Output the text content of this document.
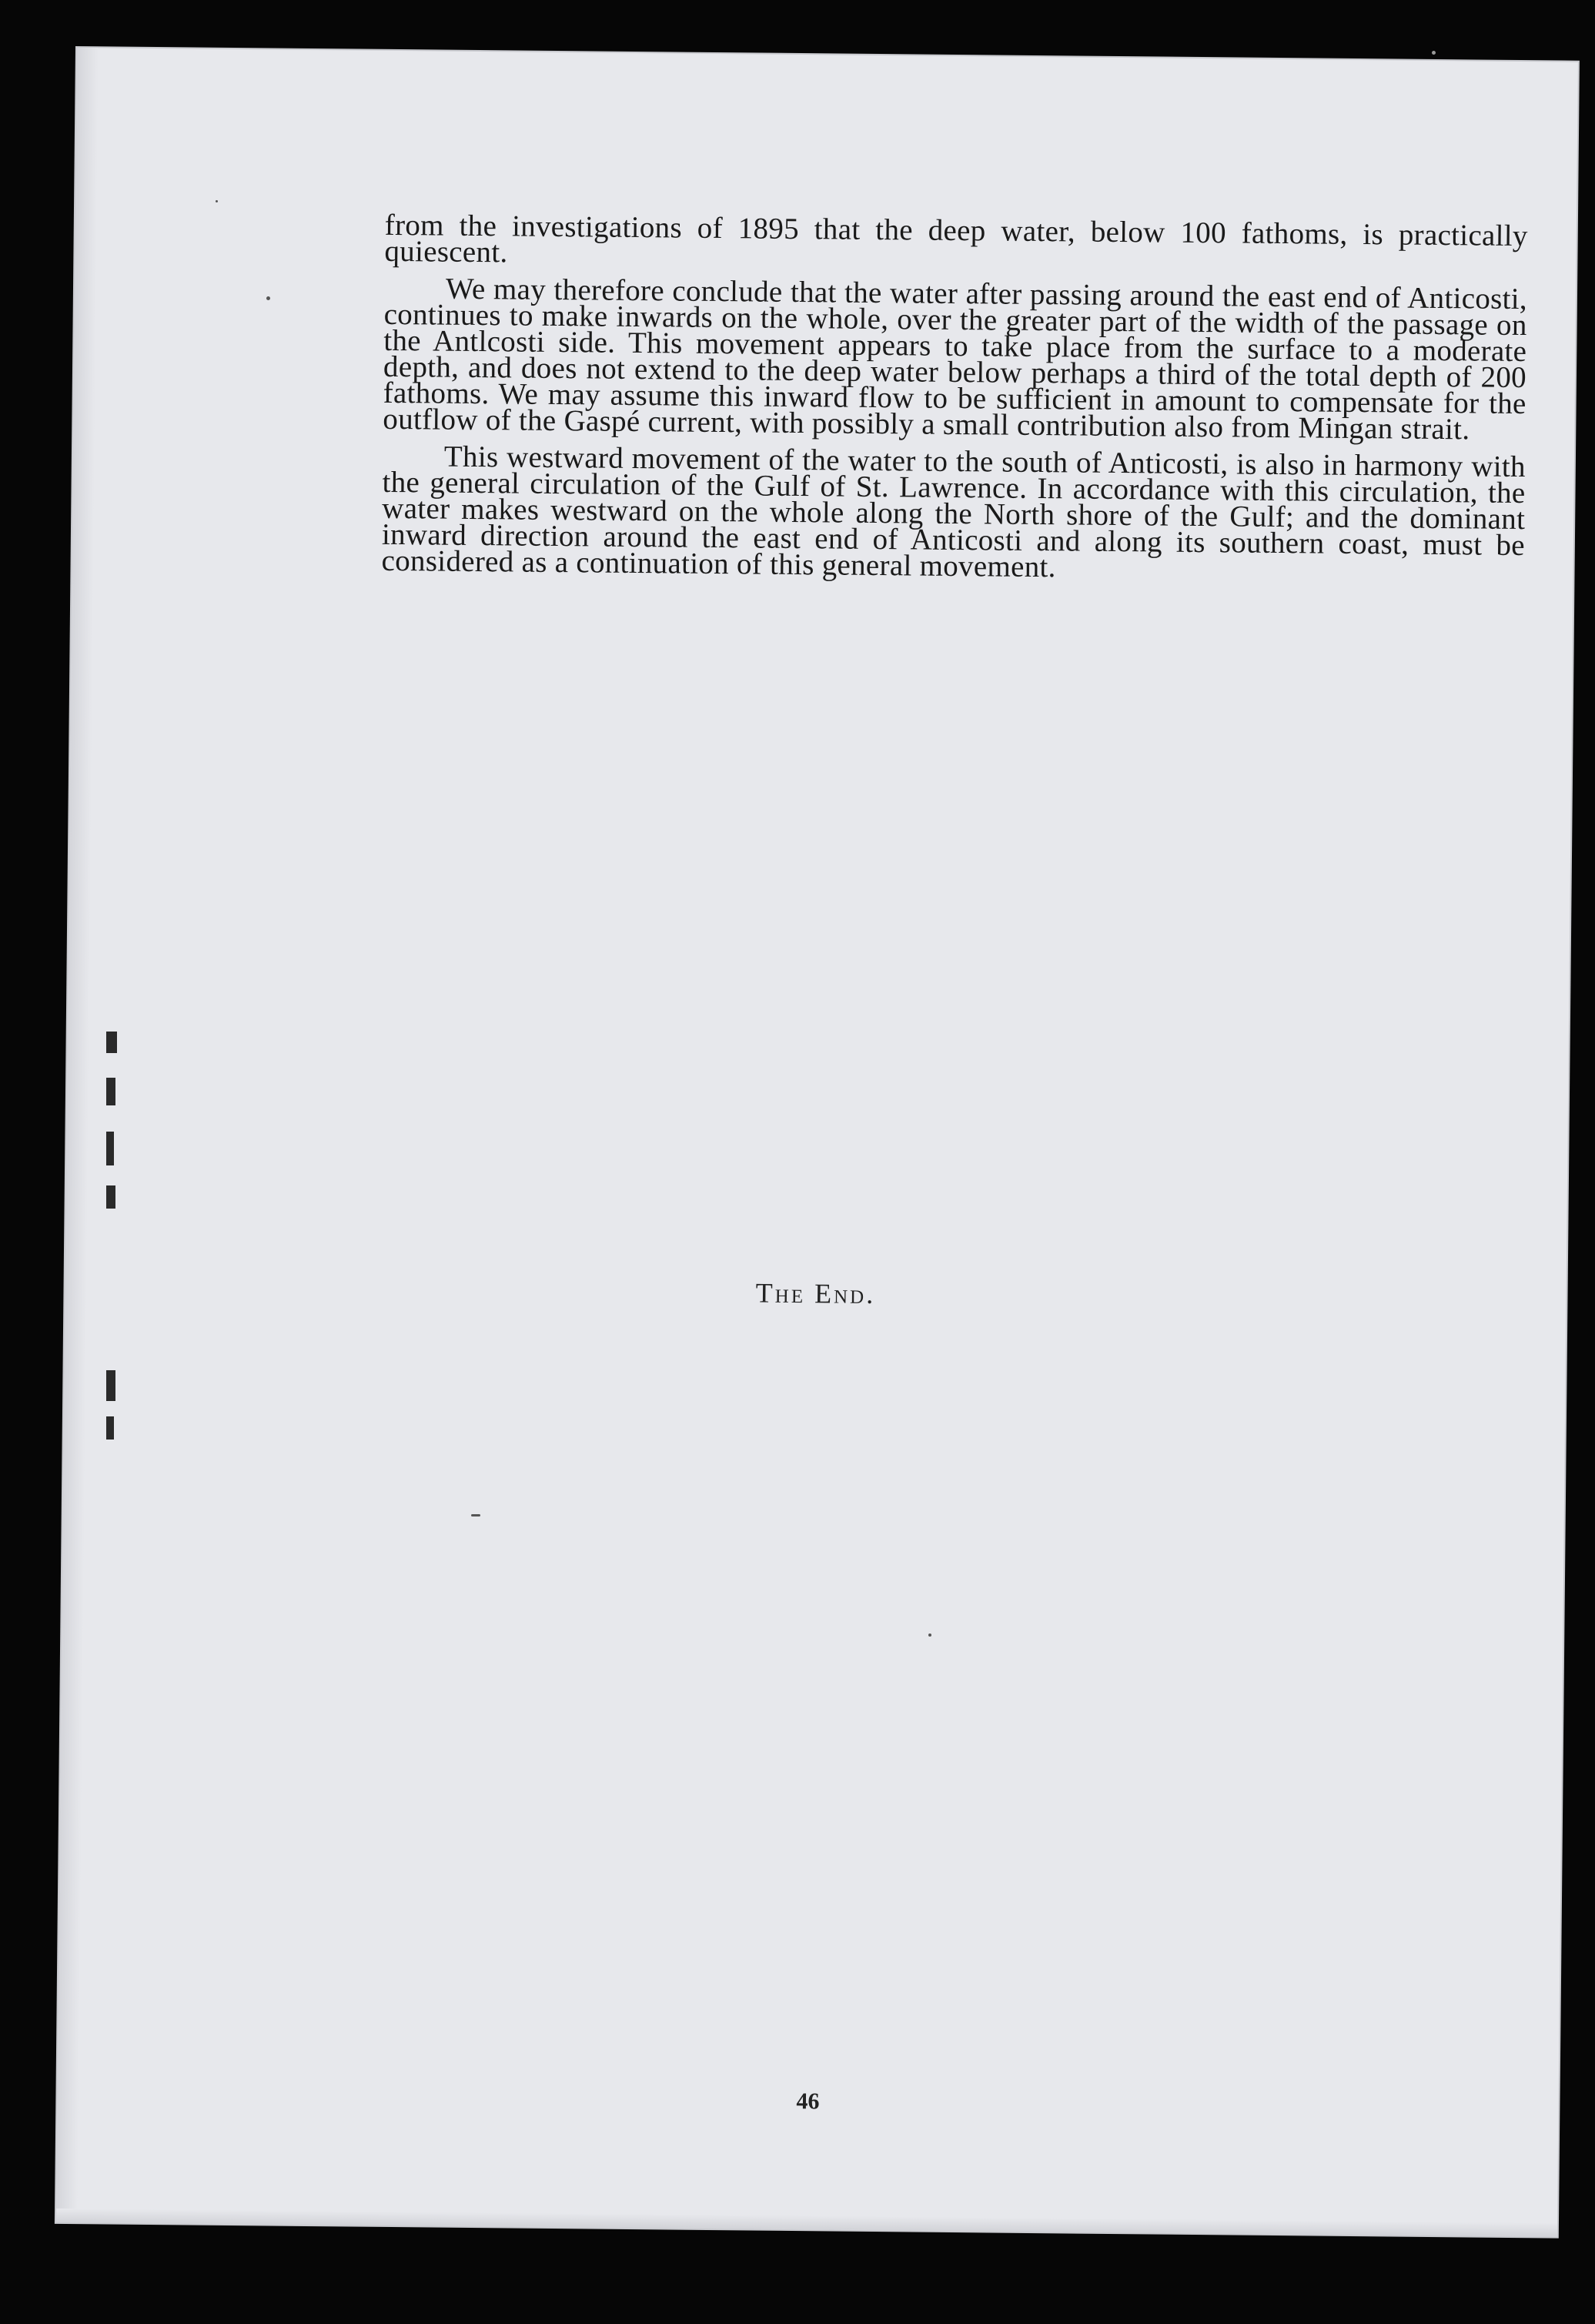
from the investigations of 1895 that the deep water, below 100 fathoms, is practically quiescent.

We may therefore conclude that the water after passing around the east end of Anticosti, continues to make inwards on the whole, over the greater part of the width of the passage on the Antlcosti side. This movement appears to take place from the surface to a moderate depth, and does not extend to the deep water below perhaps a third of the total depth of 200 fathoms. We may assume this inward flow to be sufficient in amount to compensate for the outflow of the Gaspé current, with possibly a small contribution also from Mingan strait.

This westward movement of the water to the south of Anticosti, is also in harmony with the general circulation of the Gulf of St. Lawrence. In accordance with this circulation, the water makes westward on the whole along the North shore of the Gulf; and the dominant inward direction around the east end of Anticosti and along its southern coast, must be considered as a continuation of this general movement.

The End.
46
